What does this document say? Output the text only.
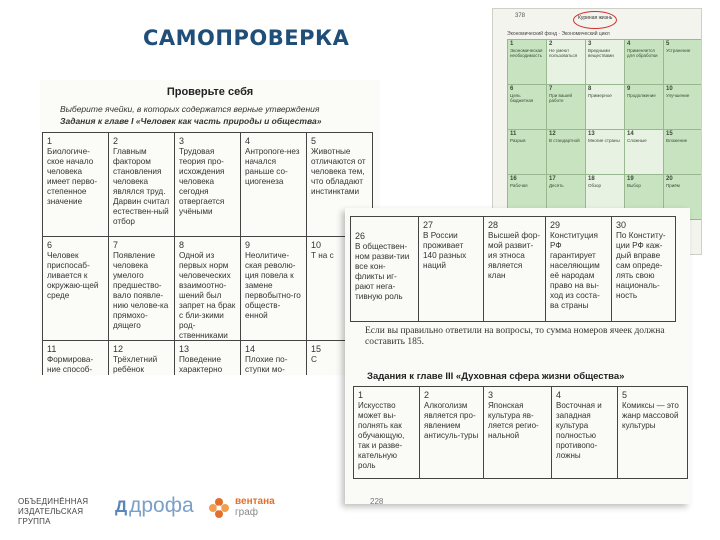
САМОПРОВЕРКА
378	Куриная жизнь
Экономический фонд · Экономический цикл
1
Экономическая необходимость
2
Не умеют пользоваться
3
Вредными веществами
4
Применяется для обработки
5
Устранение
6
Цель бюджетная
7
При вашей работе
8
Примерное
9
Продолжение
10
Улучшение
11
Разрыв
12
В стандартной
13
Многие страны
14
Сложные
15
Вложение
16
Рабочая
17
Десять
18
Обзор
19
Выбор
20
Приём
Проверьте себя
Выберите ячейки, в которых содержатся верные утверждения
Задания к главе I «Человек как часть природы и общества»
1
Биологиче-ское начало человека имеет перво-степенное значение
2
Главным фактором становления человека являлся труд. Дарвин считал естествен-ный отбор
3
Трудовая теория про-исхождения человека сегодня отвергается учёными
4
Антропоге-нез начался раньше со-циогенеза
5
Животные отличаются от человека тем, что обладают инстинктами
6
Человек приспосаб-ливается к окружаю-щей среде
7
Появление человека умелого предшество-вало появле-нию челове-ка прямохо-дящего
8
Одной из первых норм человеческих взаимоотно-шений был запрет на брак с бли-зкими род-ственниками
9
Неолитиче-ская револю-ция повела к замене первобытно-го обществ-енной
10
Т на с
11
Формирова-ние способ-
12
Трёхлетний ребёнок
13
Поведение характерно
14
Плохие по-ступки мо-
15
С
26
В обществен-ном разви-тии все кон-фликты иг-рают нега-тивную роль
27
В России проживает 140 разных наций
28
Высшей фор-мой развит-ия этноса является клан
29
Конституция РФ гарантирует населяющим её народам право на вы-ход из соста-ва страны
30
По Конститу-ции РФ каж-дый вправе сам опреде-лять свою националь-ность
Если вы правильно ответили на вопросы, то сумма номеров ячеек должна составить 185.
Задания к главе III «Духовная сфера жизни общества»
1
Искусство может вы-полнять как обучающую, так и разве-кательную роль
2
Алкоголизм является про-явлением антисуль-туры
3
Японская культура яв-ляется регио-нальной
4
Восточная и западная культура полностью противопо-ложны
5
Комиксы — это жанр массовой культуры
228
ОБЪЕДИНЁННАЯ ИЗДАТЕЛЬСКАЯ ГРУППА
Ддрофа	вентана
граф
